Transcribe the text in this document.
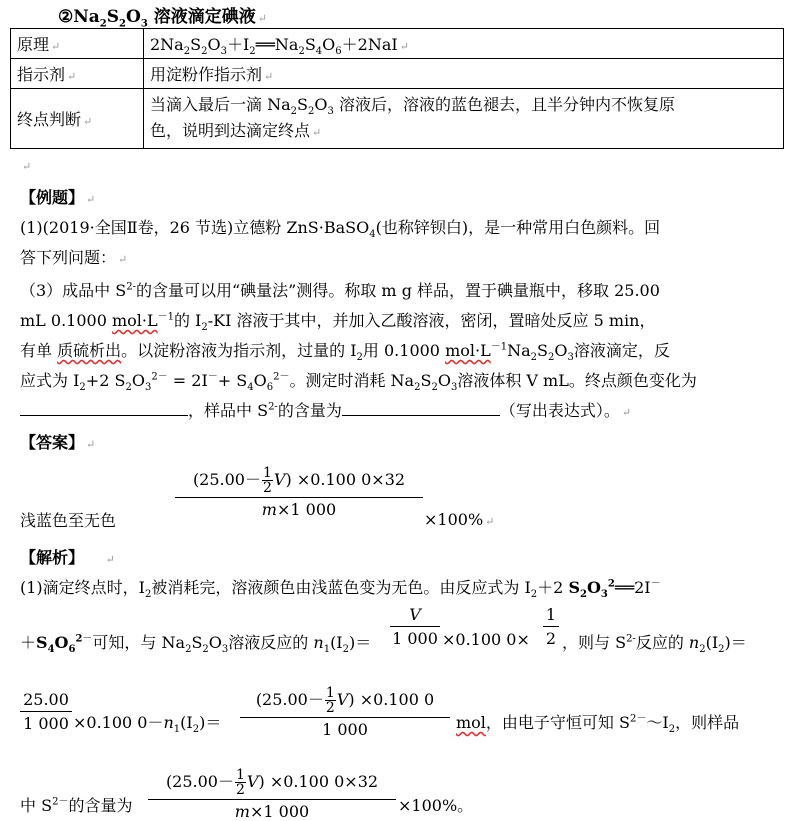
$②Na_2S_2O_3$ 溶液滴定碘液 ↵
原理 ↵	$2Na_2S_2O_3+I_2══Na_2S_4O_6+2NaI$ ↵
指示剂 ↵	用淀粉作指示剂 ↵
终点判断 ↵	当滴入最后一滴 $Na_2S_2O_3$ 溶液后，溶液的蓝色褪去，且半分钟内不恢复原
色，说明到达滴定终点 ↵
↵
【例题】 ↵
(1)(2019·全国Ⅱ卷，26 节选)立德粉 ZnS·BaSO$_4$(也称锌钡白)，是一种常用白色颜料。回
答下列问题： ↵
（3）成品中 $S^{2-}$的含量可以用“碘量法”测得。称取 m g 样品，置于碘量瓶中，移取 25.00
mL 0.1000 $mol\cdot L^{-1}$的 $I_2-KI$ 溶液于其中，并加入乙酸溶液，密闭，置暗处反应 5 min，
有单 质硫析出。以淀粉溶液为指示剂，过量的 $I_2$用 0.1000 $mol\cdot L^{-1}Na_2S_2O_3$溶液滴定，反
应式为 $I_2+2$ $S_2O_3^{2-} = 2I^-+ S_4O_6^{2-}$。测定时消耗 $Na_2S_2O_3$溶液体积 V mL。终点颜色变化为
，样品中 $S^{2-}$的含量为	（写出表达式）。 ↵
【答案】 ↵
浅蓝色至无色
$\frac{(25.00- \frac{1}{2} V) \times 0.100 0\times 32}{m\times 1 000}$
×100% ↵
【解析】 ↵
(1)滴定终点时，$I_2$被消耗完，溶液颜色由浅蓝色变为无色。由反应式为 $I_2+2$ $S_2O_3^2══2I^-$
$+S_4O_6^{2-}$可知，与 $Na_2S_2O_3$溶液反应的 $n_1(I_2)= \frac{V}{1 000} \times 0.100$ $0\times \frac{1}{2}$ ，则与 $S^{2-}$反应的 $n_2(I_2)=$
$\frac{25.00}{1 000} \times 0.100$ $0-n_1(I_2)= \frac{(25.00- \frac{1}{2} V) \times 0.100 0}{1 000}$ mol，由电子守恒可知 $S^{2-}\sim I_2$，则样品
中 $S^{2-}$的含量为 $\frac{(25.00- \frac{1}{2} V) \times 0.100 0\times 32}{m\times 1 000} \times 100\%$。
